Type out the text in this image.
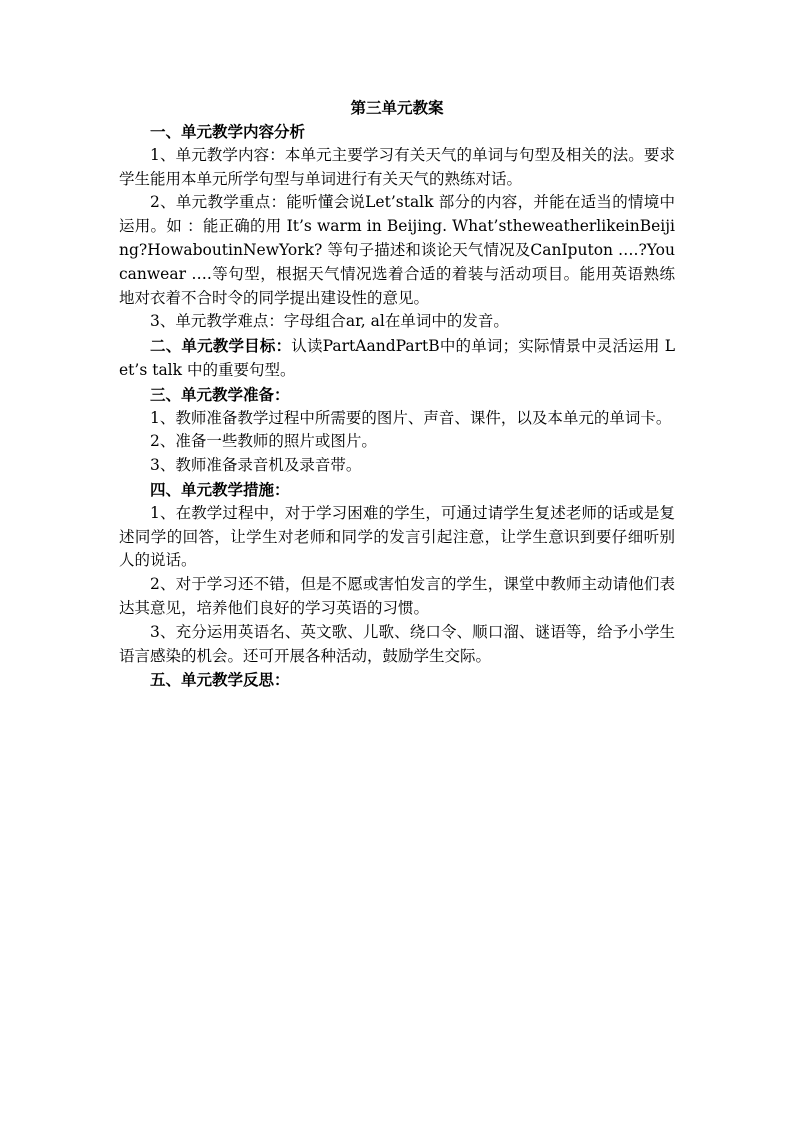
第三单元教案

一、单元教学内容分析

1、单元教学内容：本单元主要学习有关天气的单词与句型及相关的法。要求学生能用本单元所学句型与单词进行有关天气的熟练对话。

2、单元教学重点：能听懂会说Let’stalk 部分的内容，并能在适当的情境中运用。如 ：能正确的用 It’s warm in Beijing. What’stheweatherlikeinBeijing?HowaboutinNewYork? 等句子描述和谈论天气情况及CanIputon ….?Youcanwear ….等句型，根据天气情况选着合适的着装与活动项目。能用英语熟练地对衣着不合时令的同学提出建设性的意见。

3、单元教学难点：字母组合ar, al在单词中的发音。

二、单元教学目标：认读PartAandPartB中的单词；实际情景中灵活运用 Let’s talk 中的重要句型。

三、单元教学准备：

1、教师准备教学过程中所需要的图片、声音、课件，以及本单元的单词卡。

2、准备一些教师的照片或图片。

3、教师准备录音机及录音带。

四、单元教学措施：

1、在教学过程中，对于学习困难的学生，可通过请学生复述老师的话或是复述同学的回答，让学生对老师和同学的发言引起注意，让学生意识到要仔细听别人的说话。

2、对于学习还不错，但是不愿或害怕发言的学生，课堂中教师主动请他们表达其意见，培养他们良好的学习英语的习惯。

3、充分运用英语名、英文歌、儿歌、绕口令、顺口溜、谜语等，给予小学生语言感染的机会。还可开展各种活动，鼓励学生交际。

五、单元教学反思：
